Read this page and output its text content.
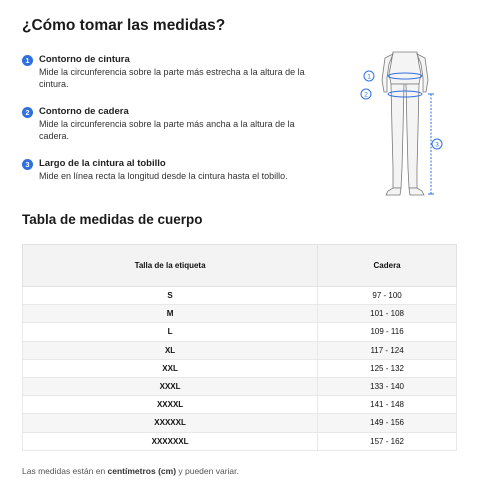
¿Cómo tomar las medidas?
1 Contorno de cintura
Mide la circunferencia sobre la parte más estrecha a la altura de la cintura.
2 Contorno de cadera
Mide la circunferencia sobre la parte más ancha a la altura de la cadera.
3 Largo de la cintura al tobillo
Mide en línea recta la longitud desde la cintura hasta el tobillo.
1
2
3
Tabla de medidas de cuerpo
Talla de la etiqueta	Cadera
S	97 - 100
M	101 - 108
L	109 - 116
XL	117 - 124
XXL	125 - 132
XXXL	133 - 140
XXXXL	141 - 148
XXXXXL	149 - 156
XXXXXXL	157 - 162
Las medidas están en centímetros (cm) y pueden variar.
